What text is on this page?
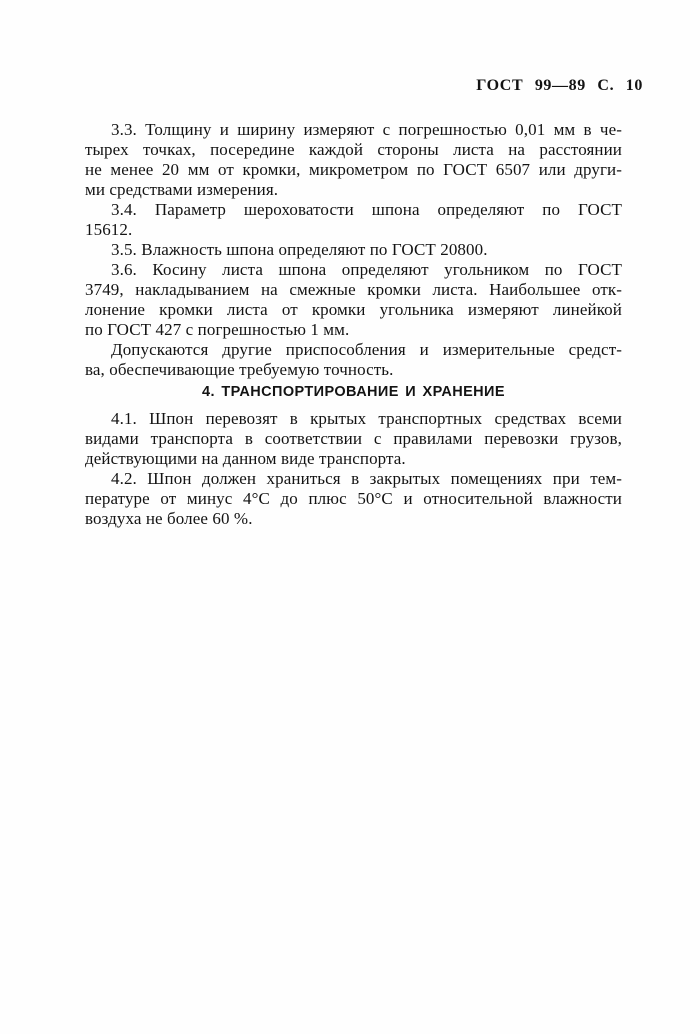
ГОСТ 99—89 С. 10
3.3. Толщину и ширину измеряют с погрешностью 0,01 мм в че-
тырех точках, посередине каждой стороны листа на расстоянии
не менее 20 мм от кромки, микрометром по ГОСТ 6507 или други-
ми средствами измерения.
3.4. Параметр шероховатости шпона определяют по ГОСТ
15612.
3.5. Влажность шпона определяют по ГОСТ 20800.
3.6. Косину листа шпона определяют угольником по ГОСТ
3749, накладыванием на смежные кромки листа. Наибольшее отк-
лонение кромки листа от кромки угольника измеряют линейкой
по ГОСТ 427 с погрешностью 1 мм.
Допускаются другие приспособления и измерительные средст-
ва, обеспечивающие требуемую точность.
4. ТРАНСПОРТИРОВАНИЕ И ХРАНЕНИЕ
4.1. Шпон перевозят в крытых транспортных средствах всеми
видами транспорта в соответствии с правилами перевозки грузов,
действующими на данном виде транспорта.
4.2. Шпон должен храниться в закрытых помещениях при тем-
пературе от минус 4°С до плюс 50°С и относительной влажности
воздуха не более 60 %.
